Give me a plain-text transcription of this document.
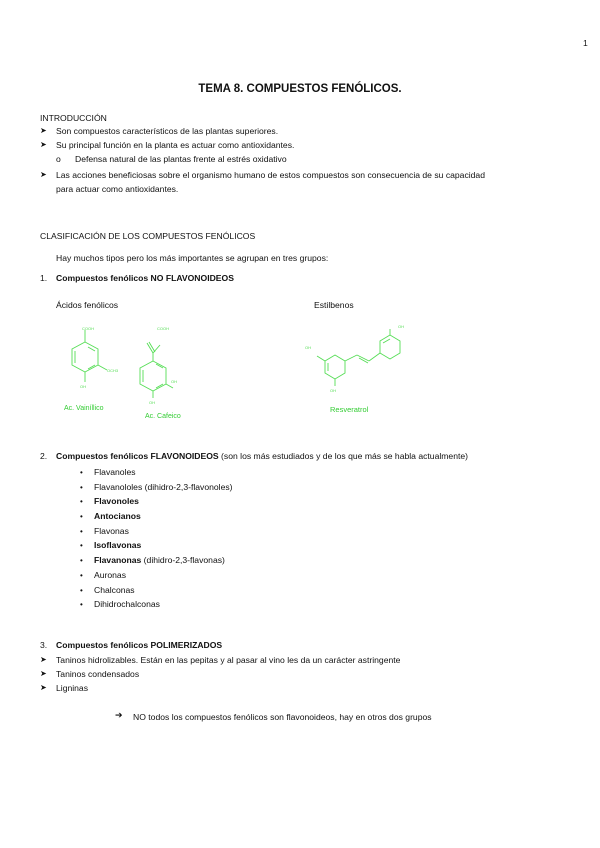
1
TEMA 8. COMPUESTOS FENÓLICOS.
INTRODUCCIÓN
➤ Son compuestos característicos de las plantas superiores.
➤ Su principal función en la planta es actuar como antioxidantes.
o Defensa natural de las plantas frente al estrés oxidativo
➤ Las acciones beneficiosas sobre el organismo humano de estos compuestos son consecuencia de su capacidad
para actuar como antioxidantes.
CLASIFICACIÓN DE LOS COMPUESTOS FENÓLICOS
Hay muchos tipos pero los más importantes se agrupan en tres grupos:
1. Compuestos fenólicos NO FLAVONOIDEOS
Ácidos fenólicos	Estilbenos
COOH
OCH3
OH
COOH
OH
OH
Ac. Vainíllico
Ac. Cafeico
OH
OH
OH
Resveratrol
2. Compuestos fenólicos FLAVONOIDEOS (son los más estudiados y de los que más se habla actualmente)
• Flavanoles
• Flavanololes (dihidro-2,3-flavonoles)
• Flavonoles
• Antocianos
• Flavonas
• Isoflavonas
• Flavanonas (dihidro-2,3-flavonas)
• Auronas
• Chalconas
• Dihidrochalconas
3. Compuestos fenólicos POLIMERIZADOS
➤ Taninos hidrolizables. Están en las pepitas y al pasar al vino les da un carácter astringente
➤ Taninos condensados
➤ Ligninas
➔ NO todos los compuestos fenólicos son flavonoideos, hay en otros dos grupos
